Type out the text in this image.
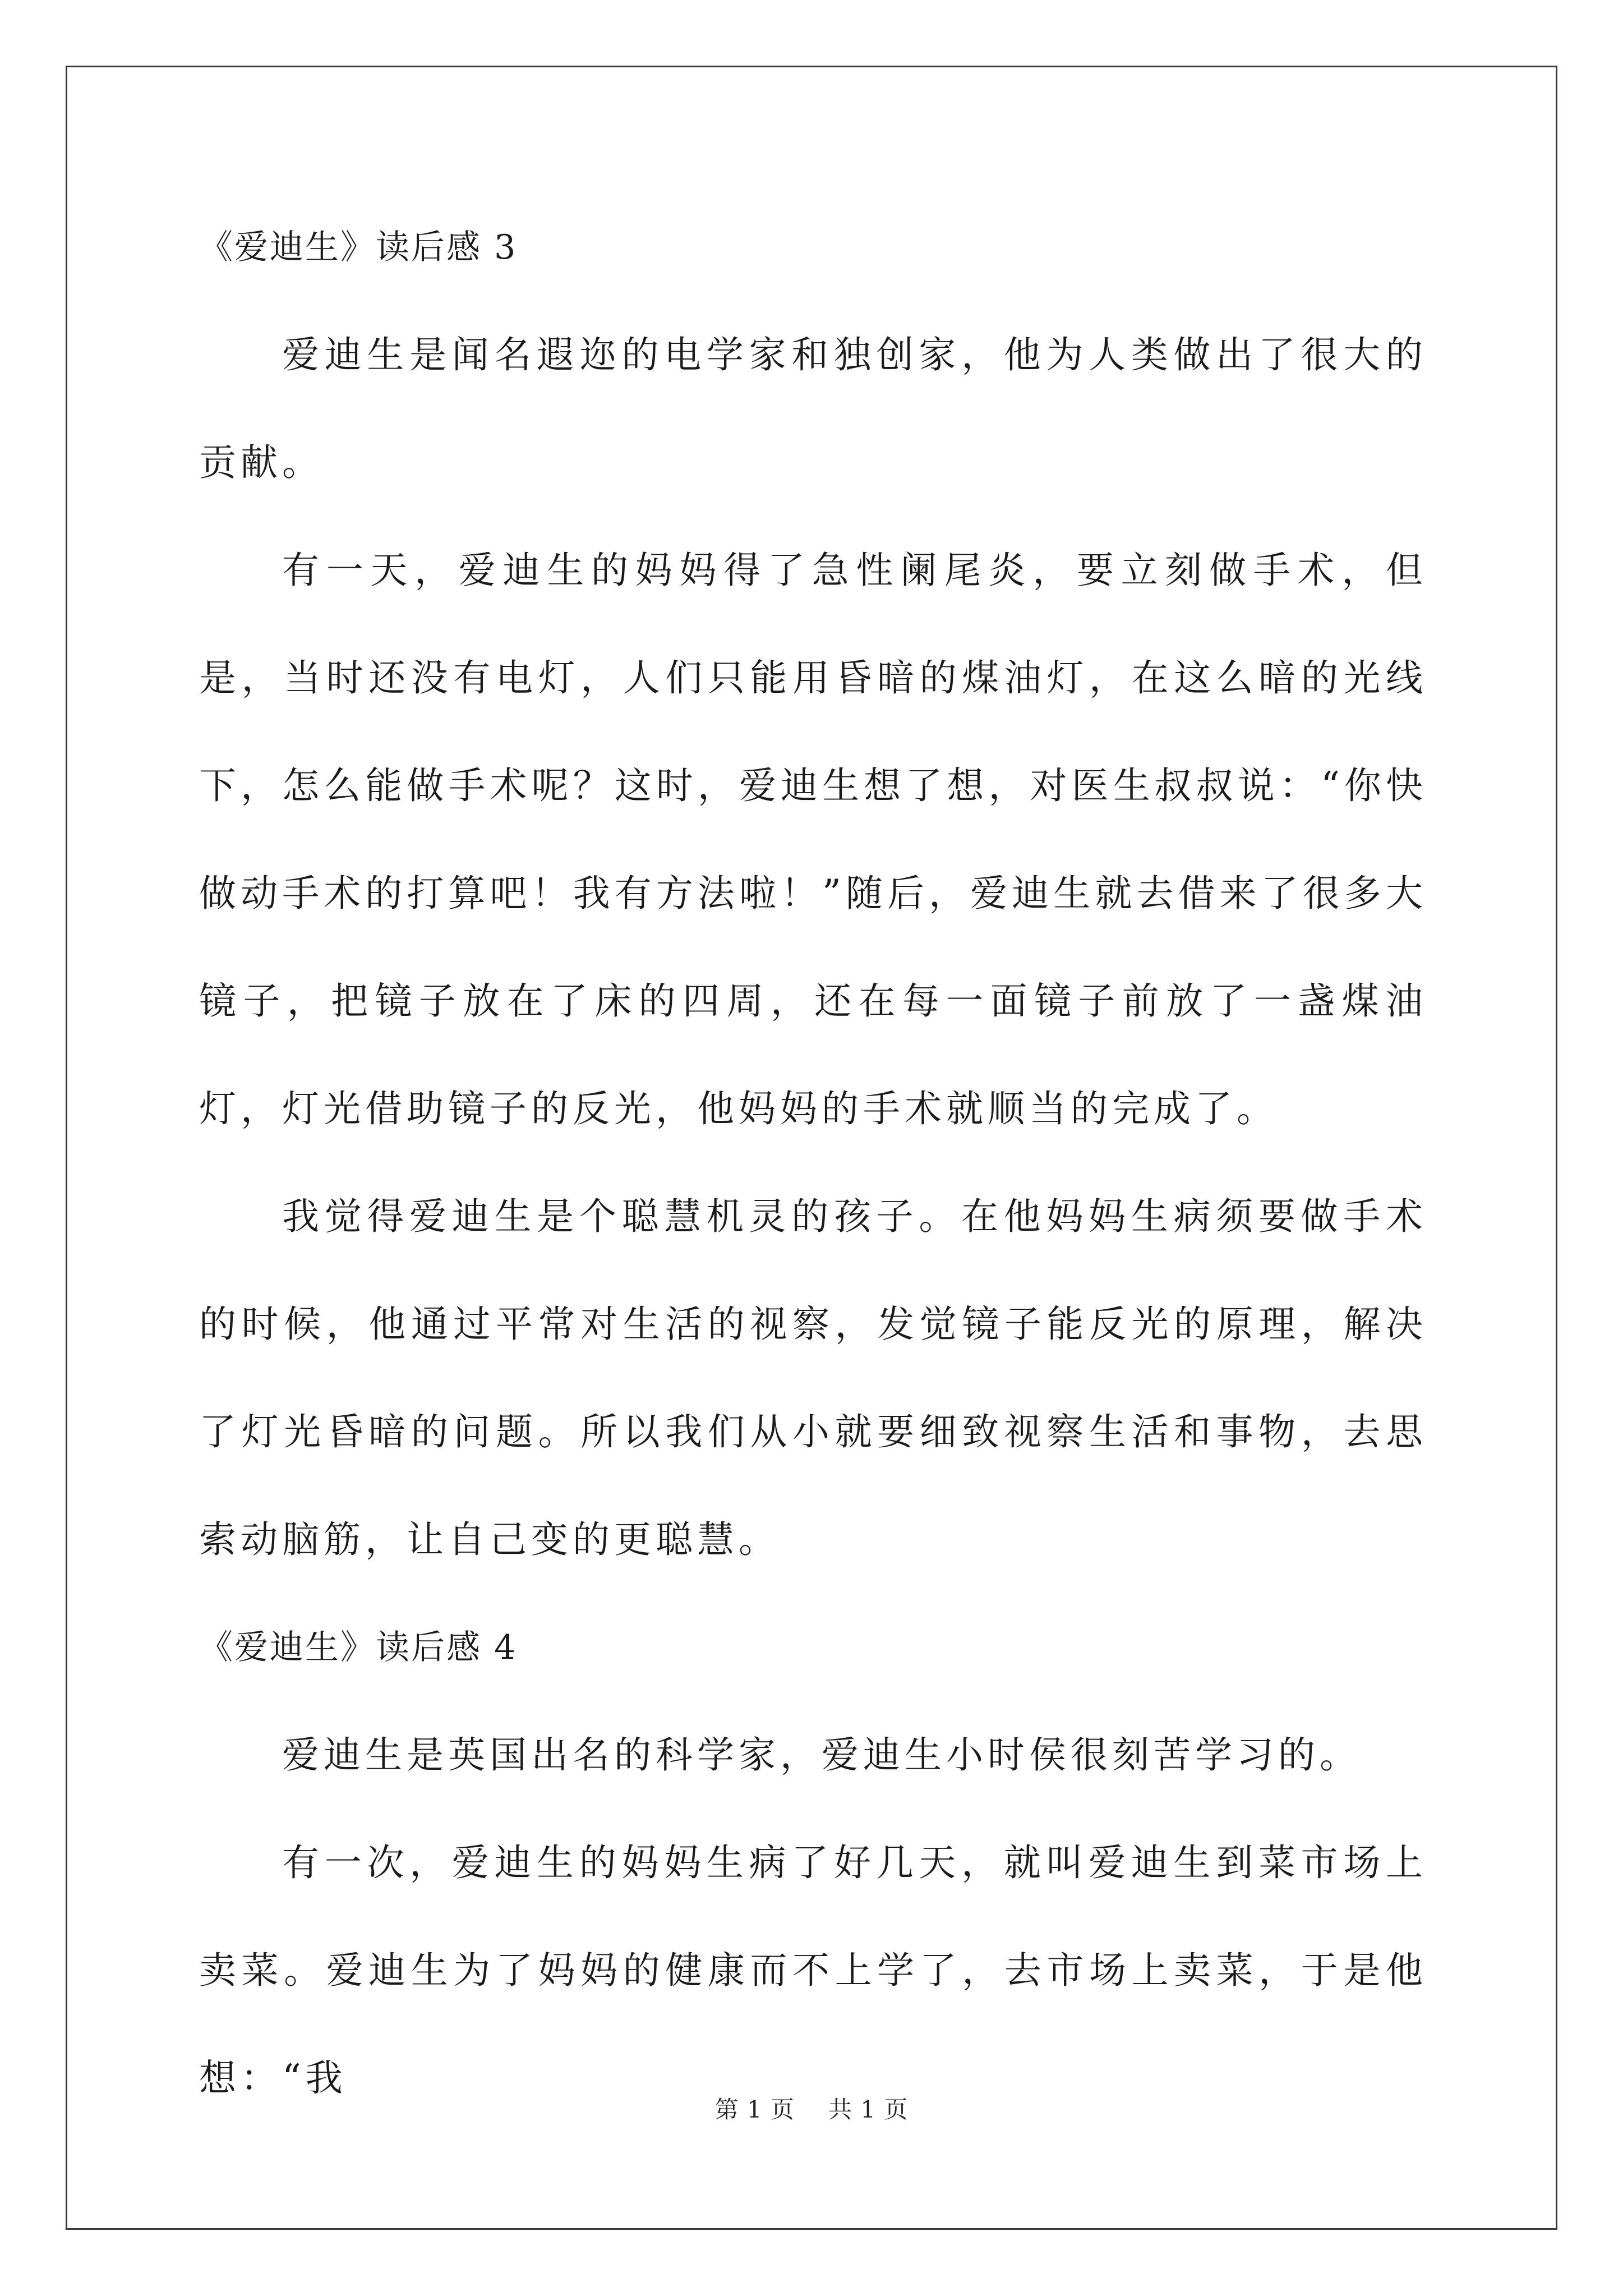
《爱迪生》读后感 3

爱迪生是闻名遐迩的电学家和独创家，他为人类做出了很大的贡献。

有一天，爱迪生的妈妈得了急性阑尾炎，要立刻做手术，但是，当时还没有电灯，人们只能用昏暗的煤油灯，在这么暗的光线下，怎么能做手术呢？这时，爱迪生想了想，对医生叔叔说：“你快做动手术的打算吧！我有方法啦！”随后，爱迪生就去借来了很多大镜子，把镜子放在了床的四周，还在每一面镜子前放了一盏煤油灯，灯光借助镜子的反光，他妈妈的手术就顺当的完成了。

我觉得爱迪生是个聪慧机灵的孩子。在他妈妈生病须要做手术的时候，他通过平常对生活的视察，发觉镜子能反光的原理，解决了灯光昏暗的问题。所以我们从小就要细致视察生活和事物，去思索动脑筋，让自己变的更聪慧。

《爱迪生》读后感 4

爱迪生是英国出名的科学家，爱迪生小时侯很刻苦学习的。

有一次，爱迪生的妈妈生病了好几天，就叫爱迪生到菜市场上卖菜。爱迪生为了妈妈的健康而不上学了，去市场上卖菜，于是他想：“我

第 1 页 共 1 页
